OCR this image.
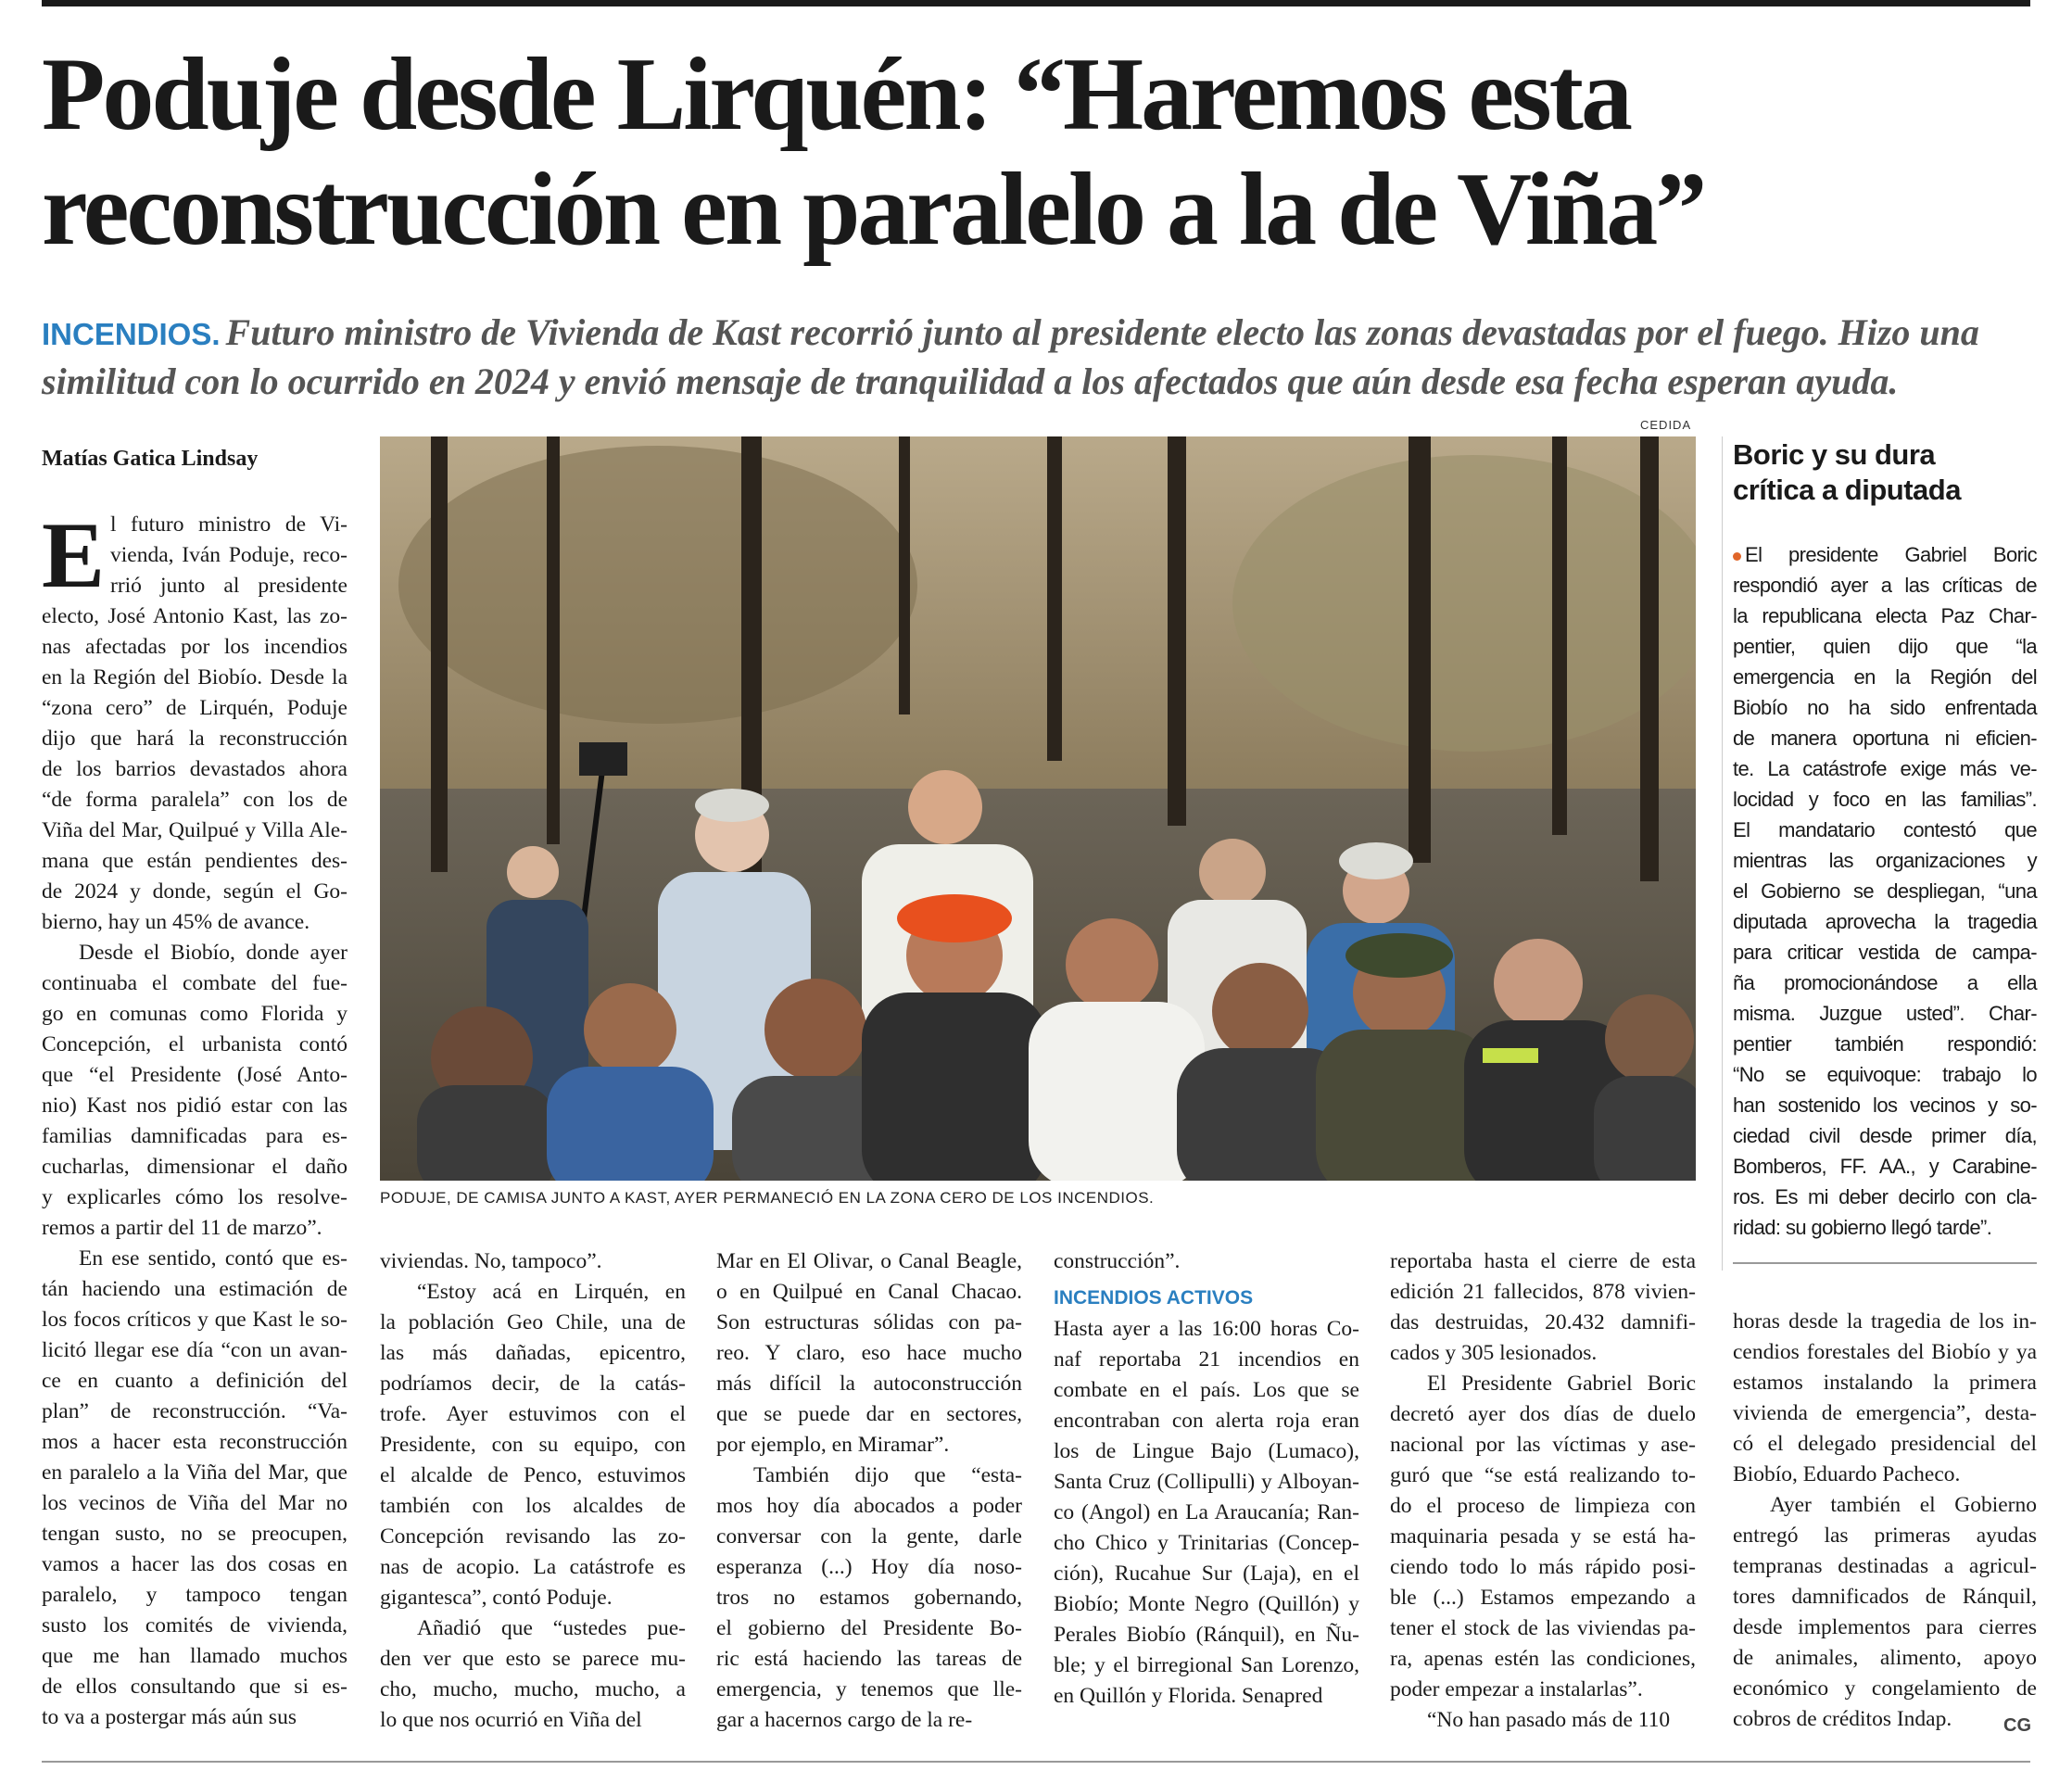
Poduje desde Lirquén: “Haremos esta
reconstrucción en paralelo a la de Viña”

INCENDIOS. Futuro ministro de Vivienda de Kast recorrió junto al presidente electo las zonas devastadas por el fuego. Hizo una
similitud con lo ocurrido en 2024 y envió mensaje de tranquilidad a los afectados que aún desde esa fecha esperan ayuda.

Matías Gatica Lindsay
E l futuro ministro de Vi-
vienda, Iván Poduje, reco-
rrió junto al presidente
electo, José Antonio Kast, las zo-
nas afectadas por los incendios
en la Región del Biobío. Desde la
“zona cero” de Lirquén, Poduje
dijo que hará la reconstrucción
de los barrios devastados ahora
“de forma paralela” con los de
Viña del Mar, Quilpué y Villa Ale-
mana que están pendientes des-
de 2024 y donde, según el Go-
bierno, hay un 45% de avance.
Desde el Biobío, donde ayer
continuaba el combate del fue-
go en comunas como Florida y
Concepción, el urbanista contó
que “el Presidente (José Anto-
nio) Kast nos pidió estar con las
familias damnificadas para es-
cucharlas, dimensionar el daño
y explicarles cómo los resolve-
remos a partir del 11 de marzo”.
En ese sentido, contó que es-
tán haciendo una estimación de
los focos críticos y que Kast le so-
licitó llegar ese día “con un avan-
ce en cuanto a definición del
plan” de reconstrucción. “Va-
mos a hacer esta reconstrucción
en paralelo a la Viña del Mar, que
los vecinos de Viña del Mar no
tengan susto, no se preocupen,
vamos a hacer las dos cosas en
paralelo, y tampoco tengan
susto los comités de vivienda,
que me han llamado muchos
de ellos consultando que si es-
to va a postergar más aún sus
CEDIDA
PODUJE, DE CAMISA JUNTO A KAST, AYER PERMANECIÓ EN LA ZONA CERO DE LOS INCENDIOS.
viviendas. No, tampoco”.
“Estoy acá en Lirquén, en
la población Geo Chile, una de
las más dañadas, epicentro,
podríamos decir, de la catás-
trofe. Ayer estuvimos con el
Presidente, con su equipo, con
el alcalde de Penco, estuvimos
también con los alcaldes de
Concepción revisando las zo-
nas de acopio. La catástrofe es
gigantesca”, contó Poduje.
Añadió que “ustedes pue-
den ver que esto se parece mu-
cho, mucho, mucho, mucho, a
lo que nos ocurrió en Viña del
Mar en El Olivar, o Canal Beagle,
o en Quilpué en Canal Chacao.
Son estructuras sólidas con pa-
reo. Y claro, eso hace mucho
más difícil la autoconstrucción
que se puede dar en sectores,
por ejemplo, en Miramar”.
También dijo que “esta-
mos hoy día abocados a poder
conversar con la gente, darle
esperanza (...) Hoy día noso-
tros no estamos gobernando,
el gobierno del Presidente Bo-
ric está haciendo las tareas de
emergencia, y tenemos que lle-
gar a hacernos cargo de la re-
construcción”.
INCENDIOS ACTIVOS
Hasta ayer a las 16:00 horas Co-
naf reportaba 21 incendios en
combate en el país. Los que se
encontraban con alerta roja eran
los de Lingue Bajo (Lumaco),
Santa Cruz (Collipulli) y Alboyan-
co (Angol) en La Araucanía; Ran-
cho Chico y Trinitarias (Concep-
ción), Rucahue Sur (Laja), en el
Biobío; Monte Negro (Quillón) y
Perales Biobío (Ránquil), en Ñu-
ble; y el birregional San Lorenzo,
en Quillón y Florida. Senapred
reportaba hasta el cierre de esta
edición 21 fallecidos, 878 vivien-
das destruidas, 20.432 damnifi-
cados y 305 lesionados.
El Presidente Gabriel Boric
decretó ayer dos días de duelo
nacional por las víctimas y ase-
guró que “se está realizando to-
do el proceso de limpieza con
maquinaria pesada y se está ha-
ciendo todo lo más rápido posi-
ble (...) Estamos empezando a
tener el stock de las viviendas pa-
ra, apenas estén las condiciones,
poder empezar a instalarlas”.
“No han pasado más de 110
horas desde la tragedia de los in-
cendios forestales del Biobío y ya
estamos instalando la primera
vivienda de emergencia”, desta-
có el delegado presidencial del
Biobío, Eduardo Pacheco.
Ayer también el Gobierno
entregó las primeras ayudas
tempranas destinadas a agricul-
tores damnificados de Ránquil,
desde implementos para cierres
de animales, alimento, apoyo
económico y congelamiento de
cobros de créditos Indap.
Boric y su dura
crítica a diputada
El presidente Gabriel Boric
respondió ayer a las críticas de
la republicana electa Paz Char-
pentier, quien dijo que “la
emergencia en la Región del
Biobío no ha sido enfrentada
de manera oportuna ni eficien-
te. La catástrofe exige más ve-
locidad y foco en las familias”.
El mandatario contestó que
mientras las organizaciones y
el Gobierno se despliegan, “una
diputada aprovecha la tragedia
para criticar vestida de campa-
ña promocionándose a ella
misma. Juzgue usted”. Char-
pentier también respondió:
“No se equivoque: trabajo lo
han sostenido los vecinos y so-
ciedad civil desde primer día,
Bomberos, FF. AA., y Carabine-
ros. Es mi deber decirlo con cla-
ridad: su gobierno llegó tarde”.
CG
